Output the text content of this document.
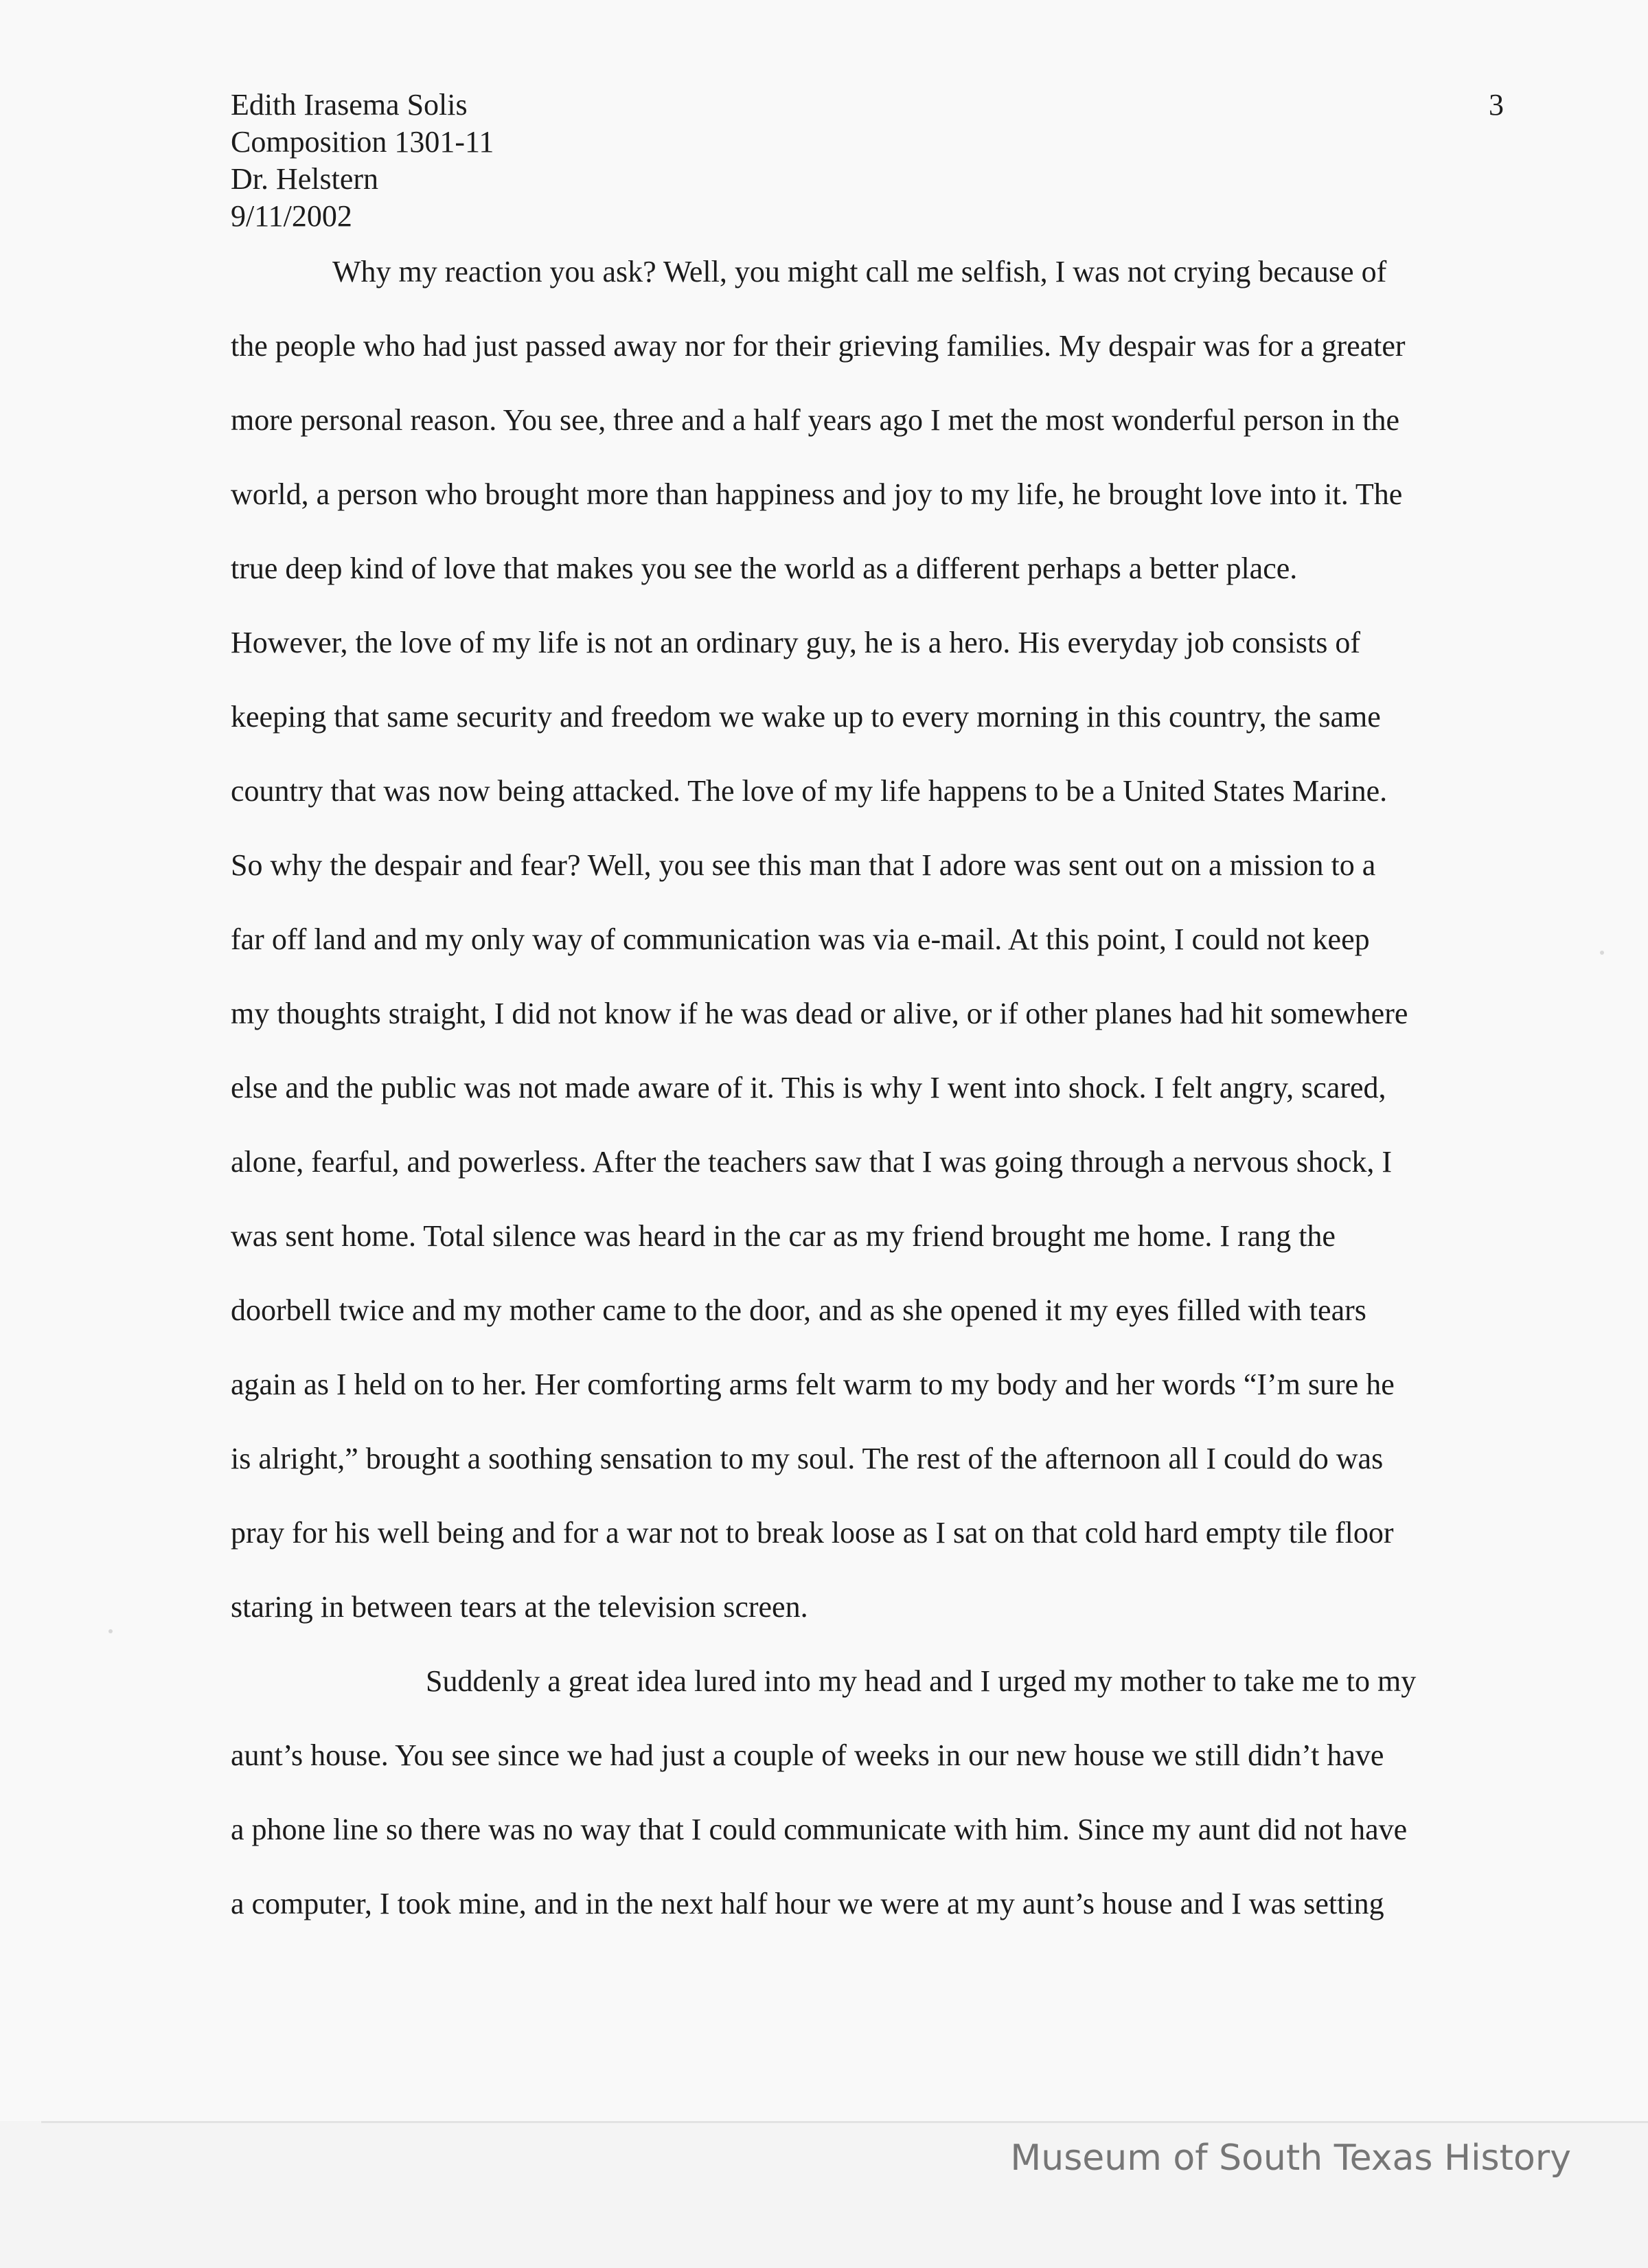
Edith Irasema Solis
Composition 1301-11
Dr. Helstern
9/11/2002
3
Why my reaction you ask? Well, you might call me selfish, I was not crying because of
the people who had just passed away nor for their grieving families. My despair was for a greater
more personal reason. You see, three and a half years ago I met the most wonderful person in the
world, a person who brought more than happiness and joy to my life, he brought love into it. The
true deep kind of love that makes you see the world as a different perhaps a better place.
However, the love of my life is not an ordinary guy, he is a hero. His everyday job consists of
keeping that same security and freedom we wake up to every morning in this country, the same
country that was now being attacked. The love of my life happens to be a United States Marine.
So why the despair and fear? Well, you see this man that I adore was sent out on a mission to a
far off land and my only way of communication was via e-mail. At this point, I could not keep
my thoughts straight, I did not know if he was dead or alive, or if other planes had hit somewhere
else and the public was not made aware of it. This is why I went into shock. I felt angry, scared,
alone, fearful, and powerless. After the teachers saw that I was going through a nervous shock, I
was sent home. Total silence was heard in the car as my friend brought me home. I rang the
doorbell twice and my mother came to the door, and as she opened it my eyes filled with tears
again as I held on to her. Her comforting arms felt warm to my body and her words “I’m sure he
is alright,” brought a soothing sensation to my soul. The rest of the afternoon all I could do was
pray for his well being and for a war not to break loose as I sat on that cold hard empty tile floor
staring in between tears at the television screen.
Suddenly a great idea lured into my head and I urged my mother to take me to my
aunt’s house. You see since we had just a couple of weeks in our new house we still didn’t have
a phone line so there was no way that I could communicate with him. Since my aunt did not have
a computer, I took mine, and in the next half hour we were at my aunt’s house and I was setting
Museum of South Texas History
